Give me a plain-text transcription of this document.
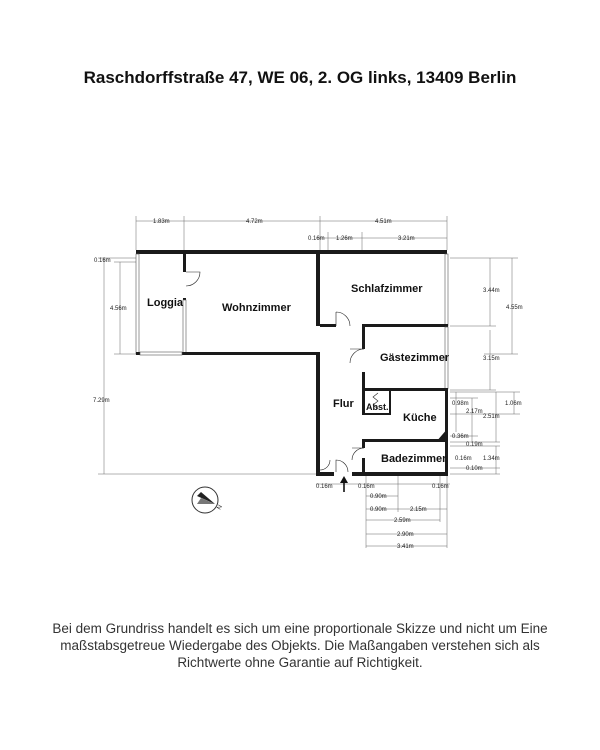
Raschdorffstraße 47, WE 06, 2. OG links, 13409 Berlin
N
Loggia	Wohnzimmer
Schlafzimmer
Gästezimmer
Flur Abst.
Küche
Badezimmer
1.83m	4.72m	4.51m
0.16m 1.26m	3.21m
0.16m
4.56m
7.29m
3.44m
4.55m
3.15m
0.98m
2.17m
2.51m
1.06m
0.36m
0.19m
0.16m 1.34m
0.10m
0.16m	0.16m	0.16m
0.90m
0.90m	2.15m
2.59m
2.90m
3.41m
Bei dem Grundriss handelt es sich um eine proportionale Skizze und nicht um Eine maßstabsgetreue Wiedergabe des Objekts. Die Maßangaben verstehen sich als Richtwerte ohne Garantie auf Richtigkeit.
